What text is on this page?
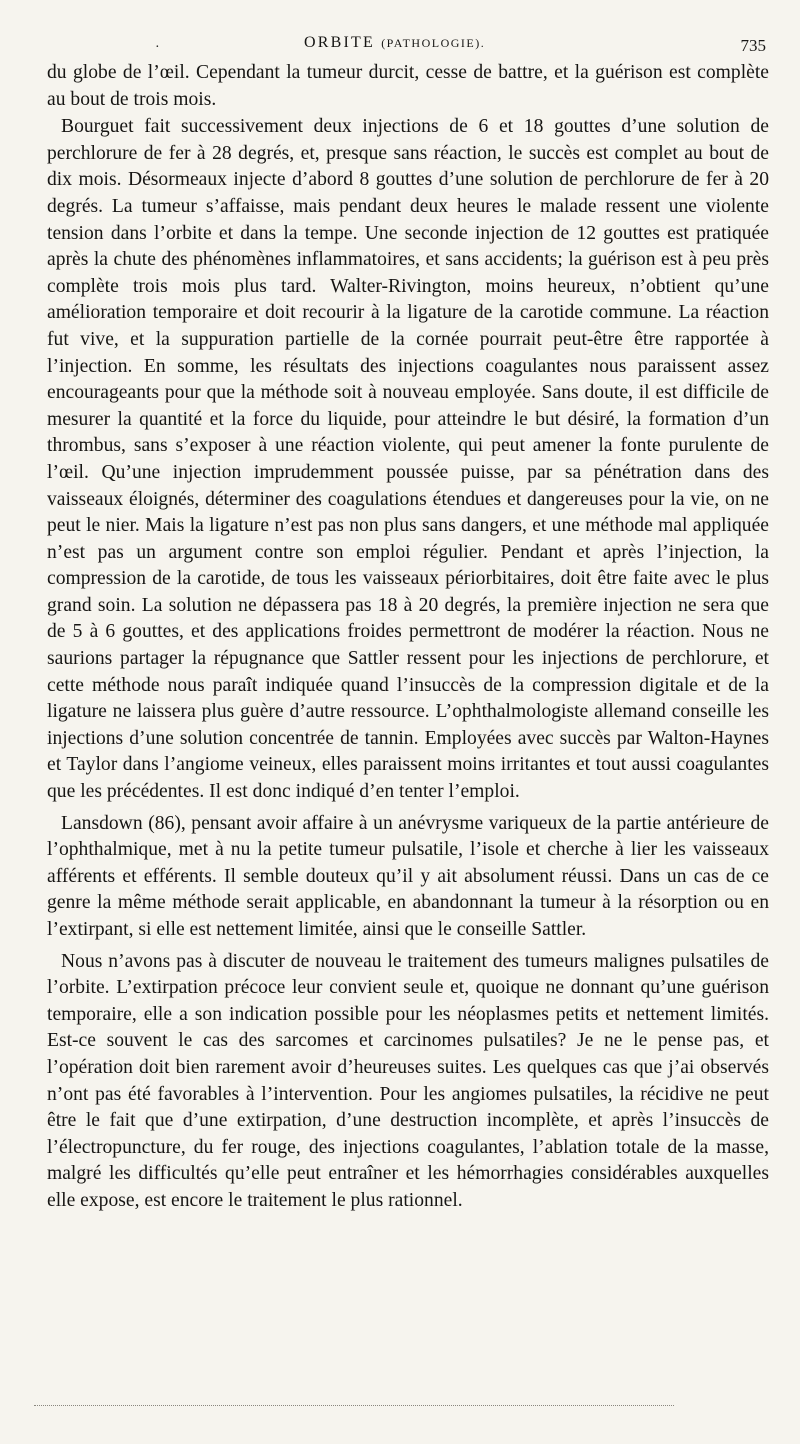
·	ORBITE (PATHOLOGIE).	735

du globe de l’œil. Cependant la tumeur durcit, cesse de battre, et la guérison est complète au bout de trois mois.

Bourguet fait successivement deux injections de 6 et 18 gouttes d’une solution de perchlorure de fer à 28 degrés, et, presque sans réaction, le succès est complet au bout de dix mois. Désormeaux injecte d’abord 8 gouttes d’une solution de perchlorure de fer à 20 degrés. La tumeur s’affaisse, mais pendant deux heures le malade ressent une violente tension dans l’orbite et dans la tempe. Une seconde injection de 12 gouttes est pratiquée après la chute des phénomènes inflammatoires, et sans accidents; la guérison est à peu près complète trois mois plus tard. Walter-Rivington, moins heureux, n’obtient qu’une amélioration temporaire et doit recourir à la ligature de la carotide commune. La réaction fut vive, et la suppuration partielle de la cornée pourrait peut-être être rapportée à l’injection. En somme, les résultats des injections coagulantes nous paraissent assez encourageants pour que la méthode soit à nouveau employée. Sans doute, il est difficile de mesurer la quantité et la force du liquide, pour atteindre le but désiré, la formation d’un thrombus, sans s’exposer à une réaction violente, qui peut amener la fonte purulente de l’œil. Qu’une injection imprudemment poussée puisse, par sa pénétration dans des vaisseaux éloignés, déterminer des coagulations étendues et dangereuses pour la vie, on ne peut le nier. Mais la ligature n’est pas non plus sans dangers, et une méthode mal appliquée n’est pas un argument contre son emploi régulier. Pendant et après l’injection, la compression de la carotide, de tous les vaisseaux périorbitaires, doit être faite avec le plus grand soin. La solution ne dépassera pas 18 à 20 degrés, la première injection ne sera que de 5 à 6 gouttes, et des applications froides permettront de modérer la réaction. Nous ne saurions partager la répugnance que Sattler ressent pour les injections de perchlorure, et cette méthode nous paraît indiquée quand l’insuccès de la compression digitale et de la ligature ne laissera plus guère d’autre ressource. L’ophthalmologiste allemand conseille les injections d’une solution concentrée de tannin. Employées avec succès par Walton-Haynes et Taylor dans l’angiome veineux, elles paraissent moins irritantes et tout aussi coagulantes que les précédentes. Il est donc indiqué d’en tenter l’emploi.

Lansdown (86), pensant avoir affaire à un anévrysme variqueux de la partie antérieure de l’ophthalmique, met à nu la petite tumeur pulsatile, l’isole et cherche à lier les vaisseaux afférents et efférents. Il semble douteux qu’il y ait absolument réussi. Dans un cas de ce genre la même méthode serait applicable, en abandonnant la tumeur à la résorption ou en l’extirpant, si elle est nettement limitée, ainsi que le conseille Sattler.

Nous n’avons pas à discuter de nouveau le traitement des tumeurs malignes pulsatiles de l’orbite. L’extirpation précoce leur convient seule et, quoique ne donnant qu’une guérison temporaire, elle a son indication possible pour les néoplasmes petits et nettement limités. Est-ce souvent le cas des sarcomes et carcinomes pulsatiles? Je ne le pense pas, et l’opération doit bien rarement avoir d’heureuses suites. Les quelques cas que j’ai observés n’ont pas été favorables à l’intervention. Pour les angiomes pulsatiles, la récidive ne peut être le fait que d’une extirpation, d’une destruction incomplète, et après l’insuccès de l’électropuncture, du fer rouge, des injections coagulantes, l’ablation totale de la masse, malgré les difficultés qu’elle peut entraîner et les hémorrhagies considérables auxquelles elle expose, est encore le traitement le plus rationnel.
